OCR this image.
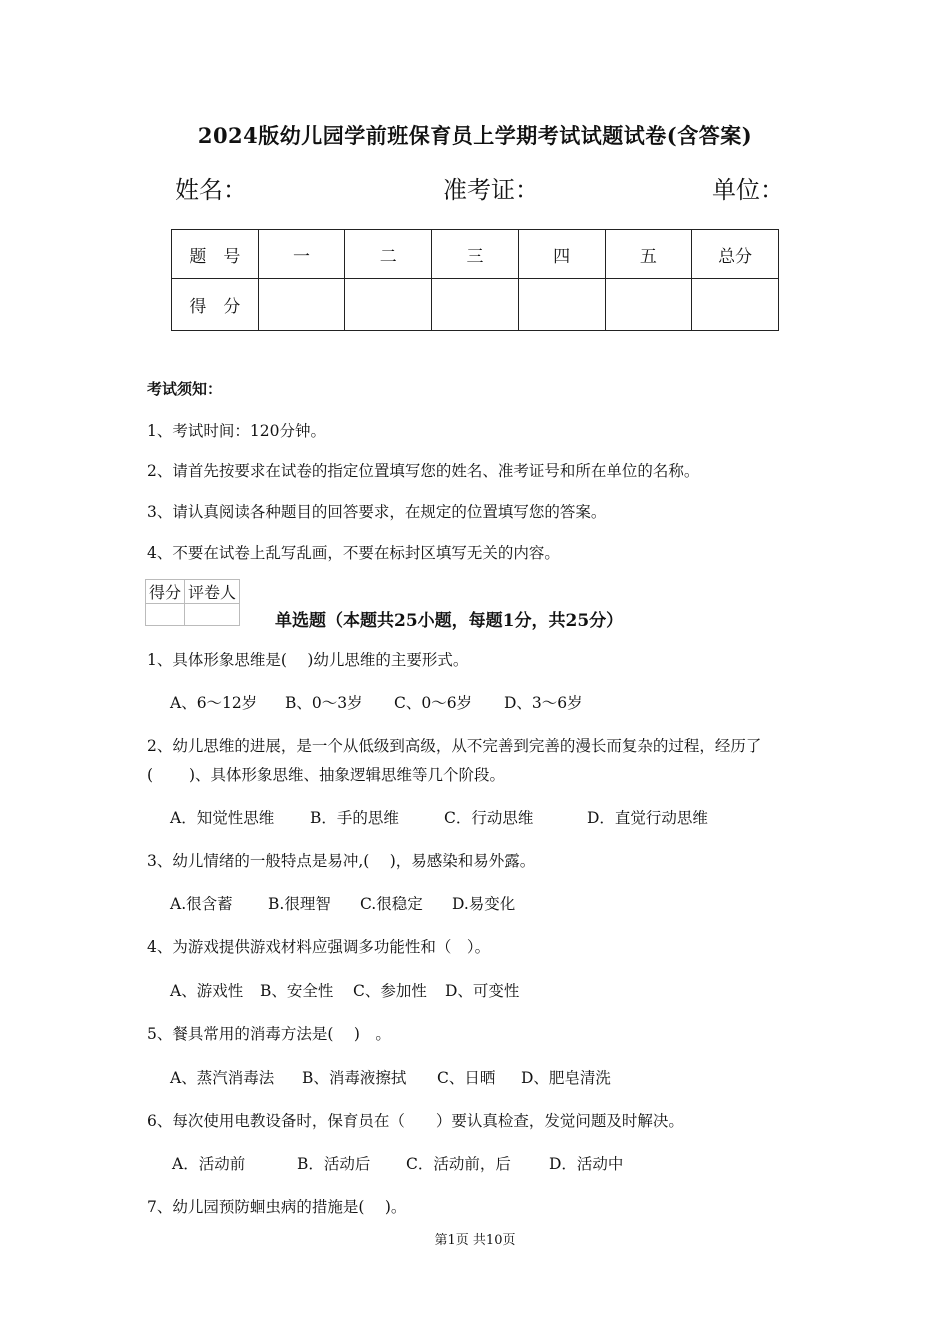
2024版幼儿园学前班保育员上学期考试试题试卷(含答案)
姓名：	准考证：	单位：
题　号	一	二	三	四	五	总分
得　分						
考试须知：
1、考试时间：120分钟。
2、请首先按要求在试卷的指定位置填写您的姓名、准考证号和所在单位的名称。
3、请认真阅读各种题目的回答要求，在规定的位置填写您的答案。
4、不要在试卷上乱写乱画，不要在标封区填写无关的内容。
得分	评卷人

单选题（本题共25小题，每题1分，共25分）
1、具体形象思维是(　 )幼儿思维的主要形式。
A、6～12岁 B、0～3岁 C、0～6岁 D、3～6岁
2、幼儿思维的进展，是一个从低级到高级，从不完善到完善的漫长而复杂的过程，经历了
(　　 )、具体形象思维、抽象逻辑思维等几个阶段。
A．知觉性思维 B．手的思维	C．行动思维	D．直觉行动思维
3、幼儿情绪的一般特点是易冲,(　 )，易感染和易外露。
A.很含蓄 B.很理智 C.很稳定 D.易变化
4、为游戏提供游戏材料应强调多功能性和（　）。
A、游戏性 B、安全性 C、参加性 D、可变性
5、餐具常用的消毒方法是(　 )　。
A、蒸汽消毒法 B、消毒液擦拭 C、日晒 D、肥皂清洗
6、每次使用电教设备时，保育员在（　　）要认真检查，发觉问题及时解决。
A．活动前	B．活动后 C．活动前，后 D．活动中
7、幼儿园预防蛔虫病的措施是(　 )。
第1页 共10页
